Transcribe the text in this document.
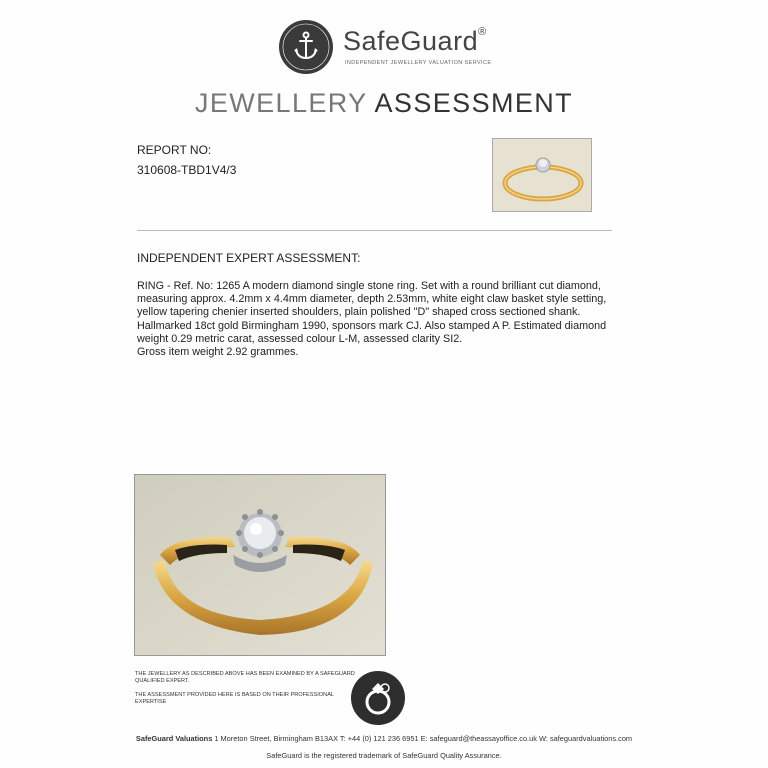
SafeGuard®
INDEPENDENT JEWELLERY VALUATION SERVICE
JEWELLERY ASSESSMENT
REPORT NO:
310608-TBD1V4/3
INDEPENDENT EXPERT ASSESSMENT:

RING - Ref. No: 1265 A modern diamond single stone ring. Set with a round brilliant cut diamond, measuring approx. 4.2mm x 4.4mm diameter, depth 2.53mm, white eight claw basket style setting, yellow tapering chenier inserted shoulders, plain polished "D" shaped cross sectioned shank. Hallmarked 18ct gold Birmingham 1990, sponsors mark CJ. Also stamped A P. Estimated diamond weight 0.29 metric carat, assessed colour L-M, assessed clarity SI2.

Gross item weight 2.92 grammes.

THE JEWELLERY AS DESCRIBED ABOVE HAS BEEN EXAMINED BY A SAFEGUARD QUALIFIED EXPERT.

THE ASSESSMENT PROVIDED HERE IS BASED ON THEIR PROFESSIONAL EXPERTISE

SafeGuard Valuations 1 Moreton Street, Birmingham B13AX T: +44 (0) 121 236 6951 E: safeguard@theassayoffice.co.uk W: safeguardvaluations.com
SafeGuard is the registered trademark of SafeGuard Quality Assurance.
